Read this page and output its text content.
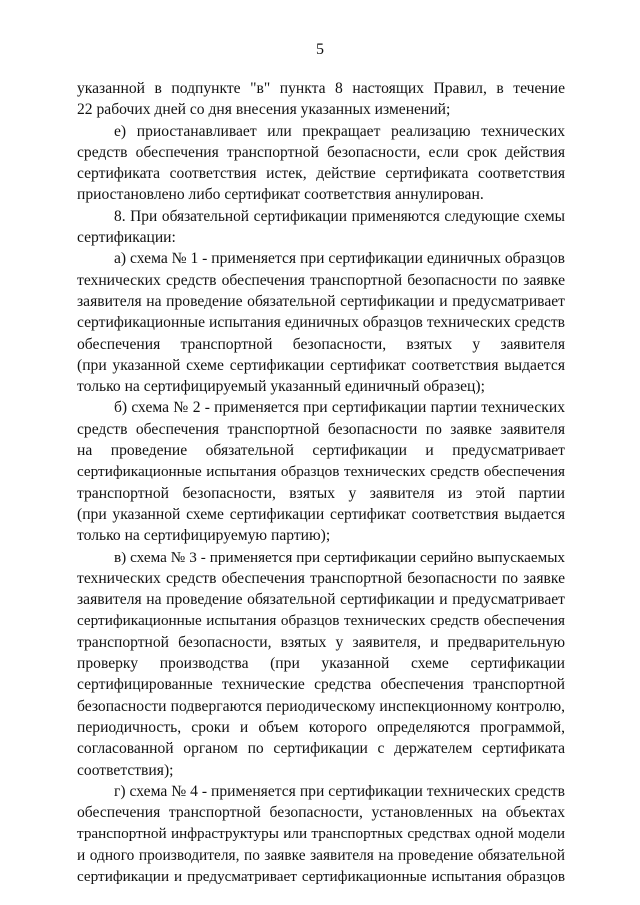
5
указанной в подпункте "в" пункта 8 настоящих Правил, в течение
22 рабочих дней со дня внесения указанных изменений;
е) приостанавливает или прекращает реализацию технических
средств обеспечения транспортной безопасности, если срок действия
сертификата соответствия истек, действие сертификата соответствия
приостановлено либо сертификат соответствия аннулирован.
8. При обязательной сертификации применяются следующие схемы
сертификации:
а) схема № 1 - применяется при сертификации единичных образцов
технических средств обеспечения транспортной безопасности по заявке
заявителя на проведение обязательной сертификации и предусматривает
сертификационные испытания единичных образцов технических средств
обеспечения транспортной безопасности, взятых у заявителя
(при указанной схеме сертификации сертификат соответствия выдается
только на сертифицируемый указанный единичный образец);
б) схема № 2 - применяется при сертификации партии технических
средств обеспечения транспортной безопасности по заявке заявителя
на проведение обязательной сертификации и предусматривает
сертификационные испытания образцов технических средств обеспечения
транспортной безопасности, взятых у заявителя из этой партии
(при указанной схеме сертификации сертификат соответствия выдается
только на сертифицируемую партию);
в) схема № 3 - применяется при сертификации серийно выпускаемых
технических средств обеспечения транспортной безопасности по заявке
заявителя на проведение обязательной сертификации и предусматривает
сертификационные испытания образцов технических средств обеспечения
транспортной безопасности, взятых у заявителя, и предварительную
проверку производства (при указанной схеме сертификации
сертифицированные технические средства обеспечения транспортной
безопасности подвергаются периодическому инспекционному контролю,
периодичность, сроки и объем которого определяются программой,
согласованной органом по сертификации с держателем сертификата
соответствия);
г) схема № 4 - применяется при сертификации технических средств
обеспечения транспортной безопасности, установленных на объектах
транспортной инфраструктуры или транспортных средствах одной модели
и одного производителя, по заявке заявителя на проведение обязательной
сертификации и предусматривает сертификационные испытания образцов
